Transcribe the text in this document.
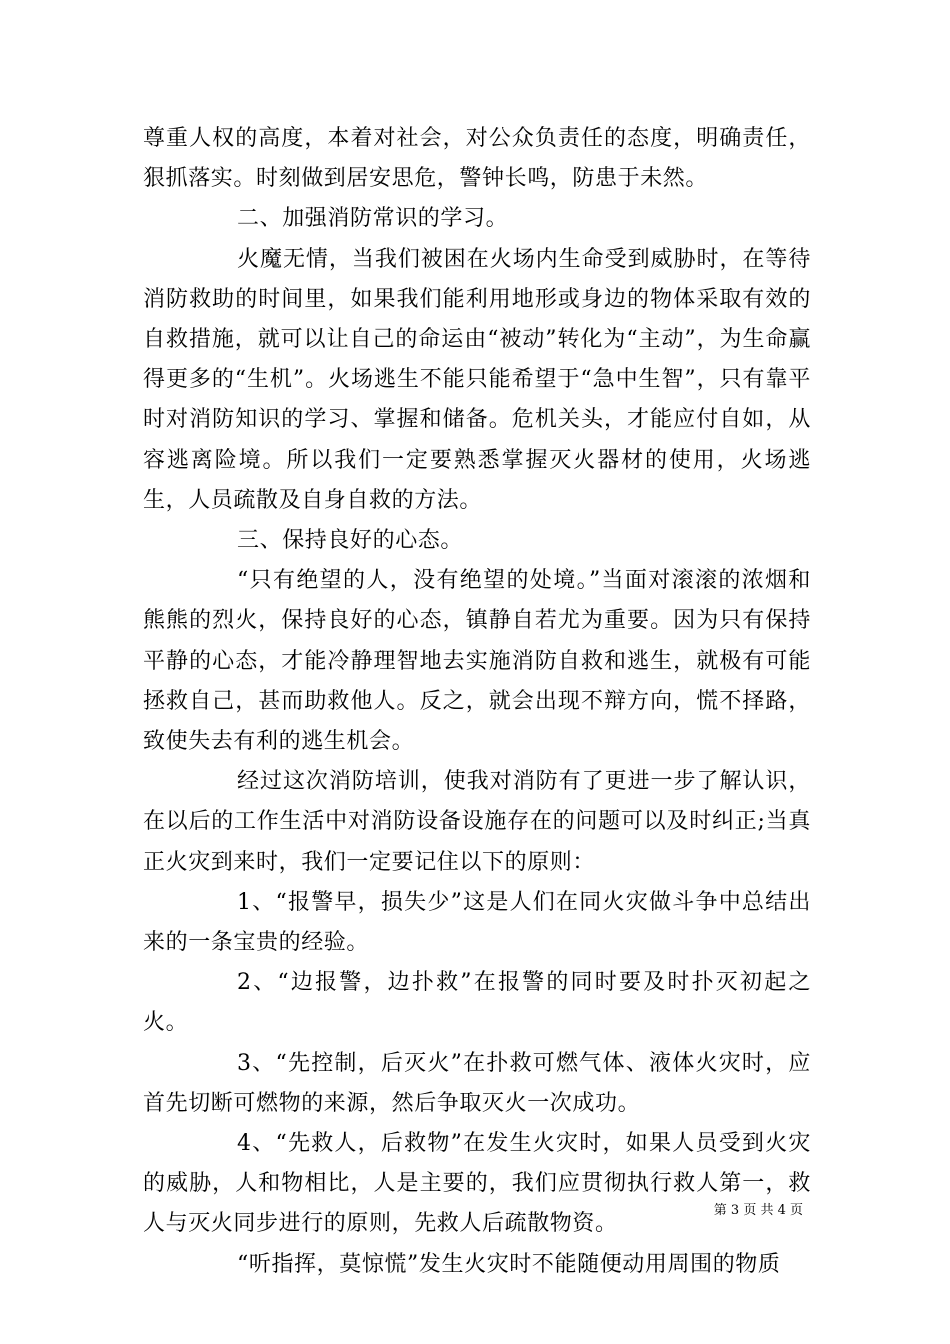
尊重人权的高度，本着对社会，对公众负责任的态度，明确责任，狠抓落实。时刻做到居安思危，警钟长鸣，防患于未然。

二、加强消防常识的学习。

火魔无情，当我们被困在火场内生命受到威胁时，在等待消防救助的时间里，如果我们能利用地形或身边的物体采取有效的自救措施，就可以让自己的命运由“被动”转化为“主动”，为生命赢得更多的“生机”。火场逃生不能只能希望于“急中生智”，只有靠平时对消防知识的学习、掌握和储备。危机关头，才能应付自如，从容逃离险境。所以我们一定要熟悉掌握灭火器材的使用，火场逃生，人员疏散及自身自救的方法。

三、保持良好的心态。

“只有绝望的人，没有绝望的处境。”当面对滚滚的浓烟和熊熊的烈火，保持良好的心态，镇静自若尤为重要。因为只有保持平静的心态，才能冷静理智地去实施消防自救和逃生，就极有可能拯救自己，甚而助救他人。反之，就会出现不辩方向，慌不择路，致使失去有利的逃生机会。

经过这次消防培训，使我对消防有了更进一步了解认识，在以后的工作生活中对消防设备设施存在的问题可以及时纠正;当真正火灾到来时，我们一定要记住以下的原则：

1、“报警早，损失少”这是人们在同火灾做斗争中总结出来的一条宝贵的经验。

2、“边报警，边扑救”在报警的同时要及时扑灭初起之火。

3、“先控制，后灭火”在扑救可燃气体、液体火灾时，应首先切断可燃物的来源，然后争取灭火一次成功。

4、“先救人，后救物”在发生火灾时，如果人员受到火灾的威胁，人和物相比，人是主要的，我们应贯彻执行救人第一，救人与灭火同步进行的原则，先救人后疏散物资。

“听指挥，莫惊慌”发生火灾时不能随便动用周围的物质

第 3 页 共 4 页
